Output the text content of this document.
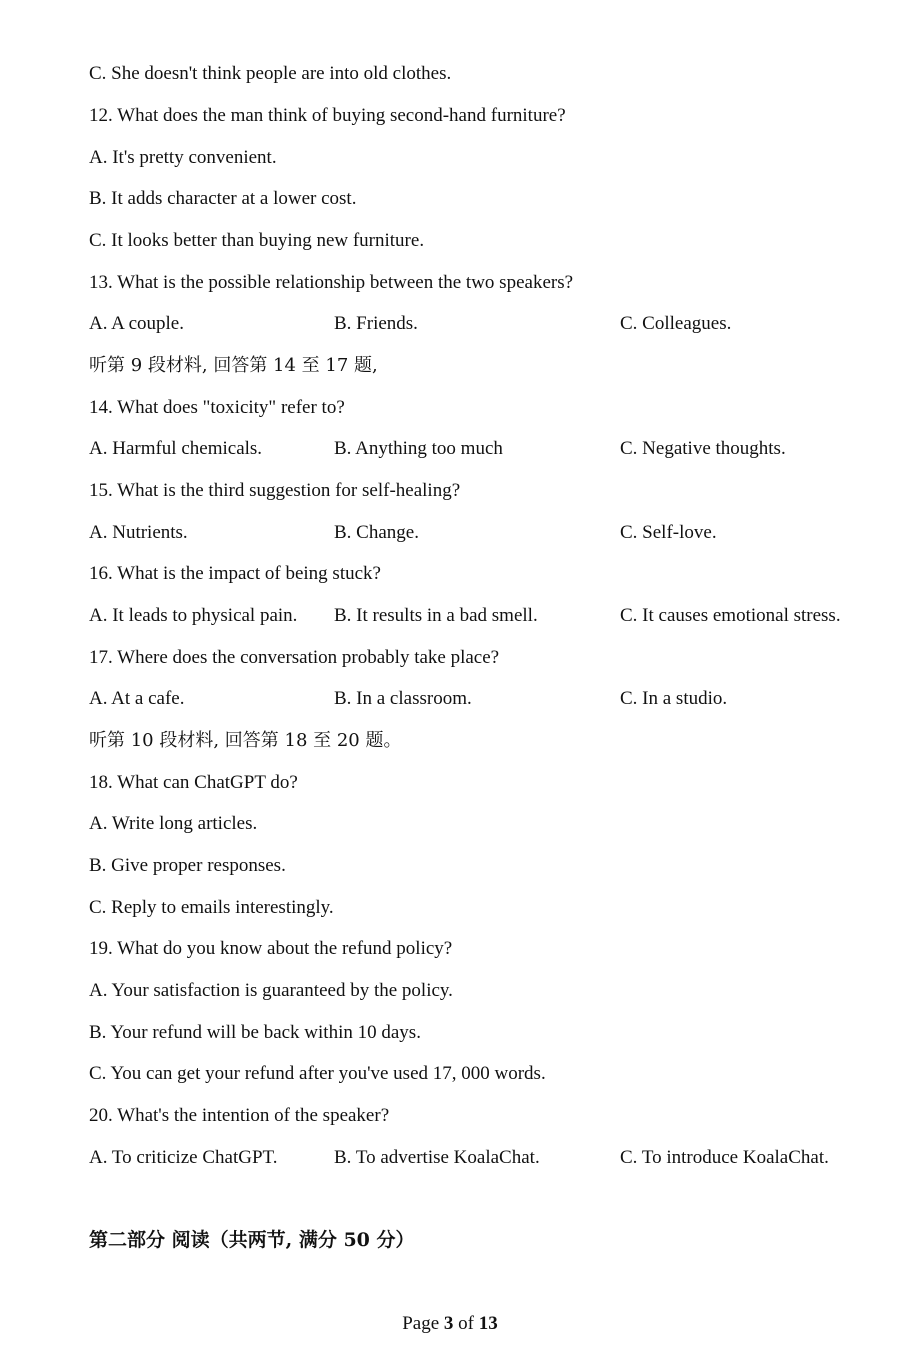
C. She doesn't think people are into old clothes.
12. What does the man think of buying second-hand furniture?
A. It's pretty convenient.
B. It adds character at a lower cost.
C. It looks better than buying new furniture.
13. What is the possible relationship between the two speakers?
A. A couple.	B. Friends.	C. Colleagues.
听第 9 段材料, 回答第 14 至 17 题,
14. What does "toxicity" refer to?
A. Harmful chemicals.	B. Anything too much	C. Negative thoughts.
15. What is the third suggestion for self-healing?
A. Nutrients.	B. Change.	C. Self-love.
16. What is the impact of being stuck?
A. It leads to physical pain. B. It results in a bad smell.	C. It causes emotional stress.
17. Where does the conversation probably take place?
A. At a cafe.	B. In a classroom.	C. In a studio.
听第 10 段材料, 回答第 18 至 20 题。
18. What can ChatGPT do?
A. Write long articles.
B. Give proper responses.
C. Reply to emails interestingly.
19. What do you know about the refund policy?
A. Your satisfaction is guaranteed by the policy.
B. Your refund will be back within 10 days.
C. You can get your refund after you've used 17, 000 words.
20. What's the intention of the speaker?
A. To criticize ChatGPT.	B. To advertise KoalaChat.	C. To introduce KoalaChat.
第二部分 阅读（共两节, 满分 50 分）
Page 3 of 13
